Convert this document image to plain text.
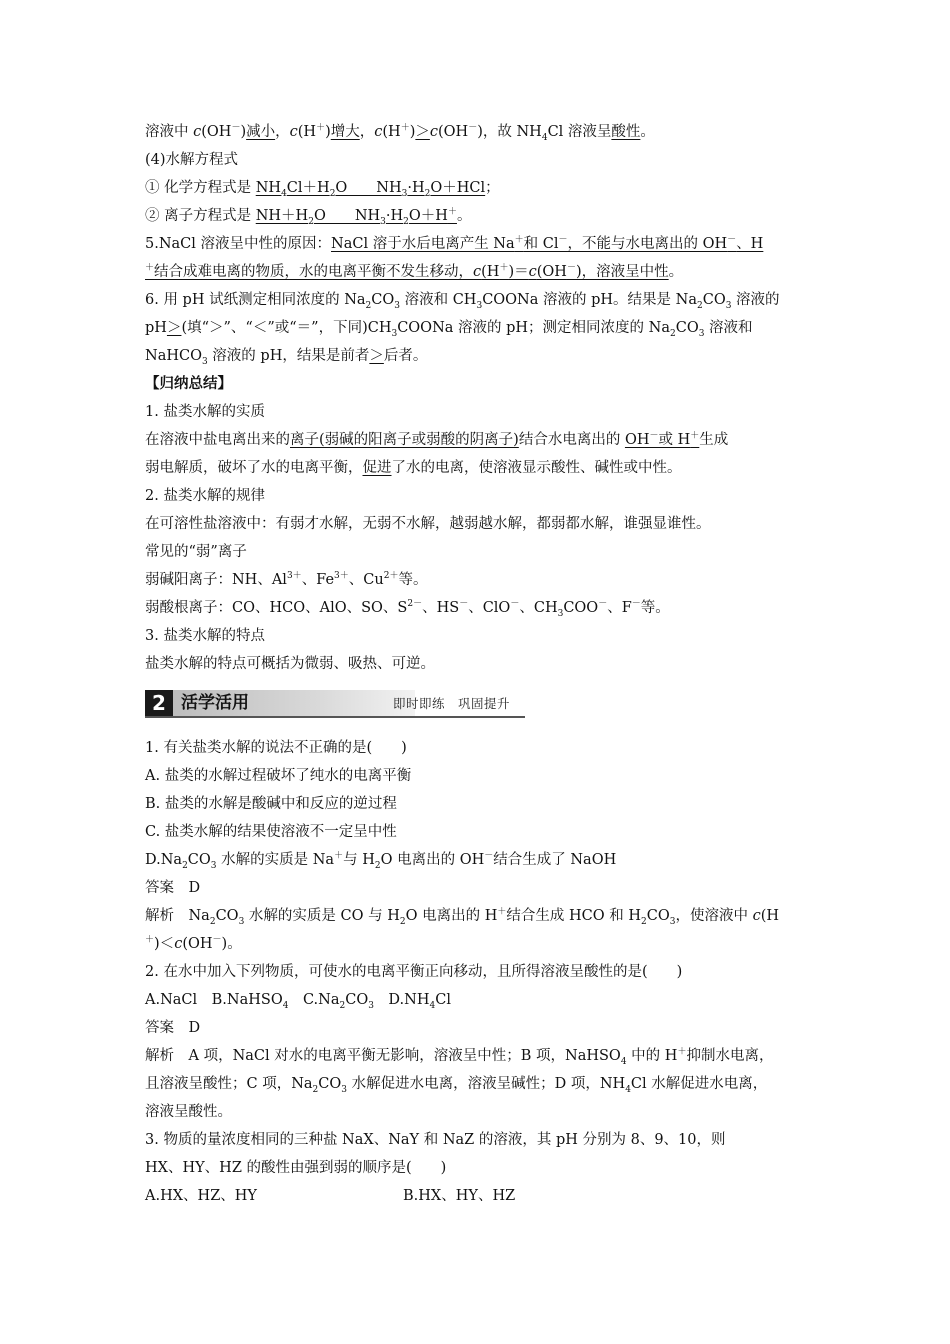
溶液中 c(OH－)减小，c(H＋)增大，c(H＋)＞c(OH－)，故 $NH_4Cl$ 溶液呈酸性。
(4)水解方程式
① 化学方程式是 $NH_4Cl+H_2O$　　$NH_3\cdot H_2O+HCl$；
② 离子方程式是 $NH+H_2O$　　$NH_3\cdot H_2O+H^+$。
5.NaCl 溶液呈中性的原因：NaCl 溶于水后电离产生 Na＋和 Cl－，不能与水电离出的 OH－、H
＋结合成难电离的物质，水的电离平衡不发生移动，c(H＋)＝c(OH－)，溶液呈中性。
6. 用 pH 试纸测定相同浓度的 $Na_2CO_3$ 溶液和 $CH_3COONa$ 溶液的 pH。结果是 $Na_2CO_3$ 溶液的
pH＞(填“＞”、“＜”或“＝”，下同)$CH_3COONa$ 溶液的 pH；测定相同浓度的 $Na_2CO_3$ 溶液和
NaHCO$_3$ 溶液的 pH，结果是前者＞后者。
【归纳总结】
1. 盐类水解的实质
在溶液中盐电离出来的离子(弱碱的阳离子或弱酸的阴离子)结合水电离出的 OH－或 H＋生成
弱电解质，破坏了水的电离平衡，促进了水的电离，使溶液显示酸性、碱性或中性。
2. 盐类水解的规律
在可溶性盐溶液中：有弱才水解，无弱不水解，越弱越水解，都弱都水解，谁强显谁性。
常见的“弱”离子
弱碱阳离子：NH、$Al^{3+}$、$Fe^{3+}$、$Cu^{2+}$等。
弱酸根离子：CO、HCO、AlO、SO、$S^{2-}$、HS－、ClO－、$CH_3COO^-$、F－等。
3. 盐类水解的特点
盐类水解的特点可概括为微弱、吸热、可逆。
2 活学活用	即时即练　巩固提升
1. 有关盐类水解的说法不正确的是(　　)
A. 盐类的水解过程破坏了纯水的电离平衡
B. 盐类的水解是酸碱中和反应的逆过程
C. 盐类水解的结果使溶液不一定呈中性
$D.Na_2CO_3$ 水解的实质是 Na＋与 $H_2O$ 电离出的 OH－结合生成了 NaOH
答案　D
解析　$Na_2CO_3$ 水解的实质是 CO 与 $H_2O$ 电离出的 H＋结合生成 HCO 和 $H_2CO_3$，使溶液中 c(H
＋)＜c(OH－)。
2. 在水中加入下列物质，可使水的电离平衡正向移动，且所得溶液呈酸性的是(　　)
A.NaCl　B.NaHSO$_4$　$C.Na_2CO_3$　$D.NH_4Cl$
答案　D
解析　A 项，NaCl 对水的电离平衡无影响，溶液呈中性；B 项，NaHSO$_4$ 中的 H＋抑制水电离，
且溶液呈酸性；C 项，$Na_2CO_3$ 水解促进水电离，溶液呈碱性；D 项，$NH_4Cl$ 水解促进水电离，
溶液呈酸性。
3. 物质的量浓度相同的三种盐 NaX、NaY 和 NaZ 的溶液，其 pH 分别为 8、9、10，则
HX、HY、HZ 的酸性由强到弱的顺序是(　　)
A.HX、HZ、HY	B.HX、HY、HZ
